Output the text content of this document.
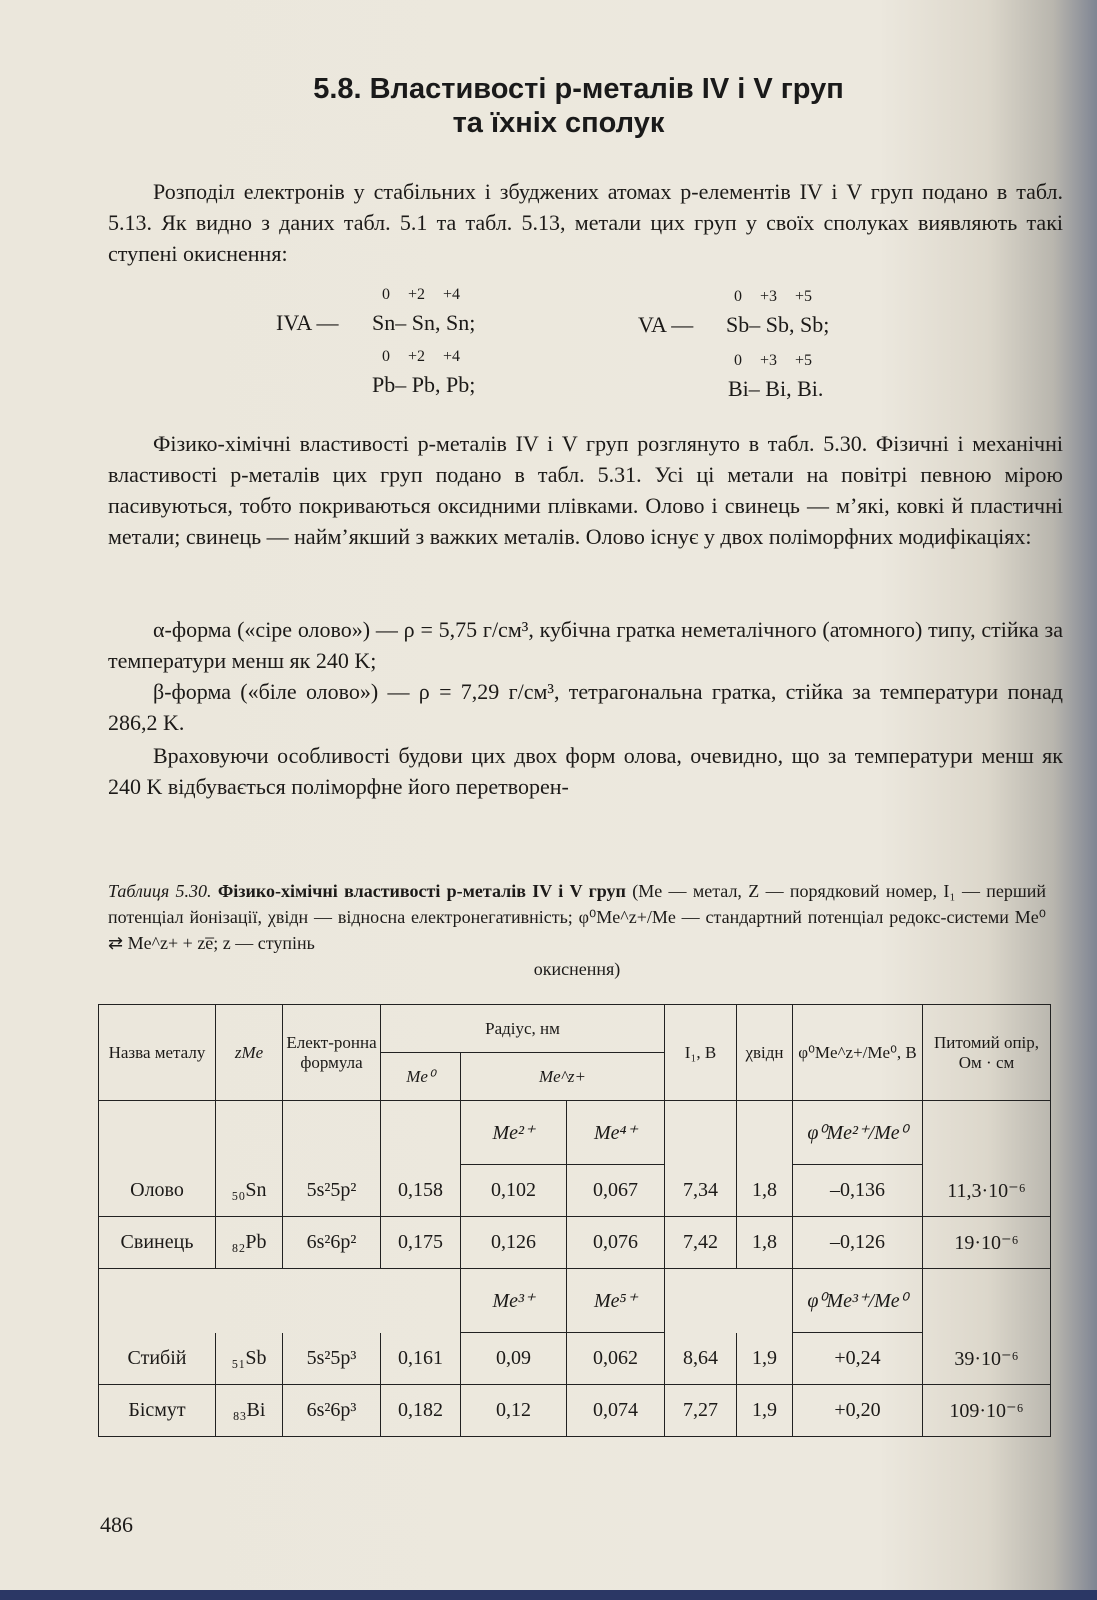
5.8. Властивості p-металів IV і V груп
та їхніх сполук

Розподіл електронів у стабільних і збуджених атомах p-елементів IV і V груп подано в табл. 5.13. Як видно з даних табл. 5.1 та табл. 5.13, метали цих груп у своїх сполуках виявляють такі ступені окиснення:

IVA —
0 +2 +4
Sn– Sn, Sn;
0 +2 +4
Pb– Pb, Pb;
VA —
0 +3 +5
Sb– Sb, Sb;
0 +3 +5
Bi– Bi, Bi.

Фізико-хімічні властивості p-металів IV і V груп розглянуто в табл. 5.30. Фізичні і механічні властивості p-металів цих груп подано в табл. 5.31. Усі ці метали на повітрі певною мірою пасивуються, тобто покриваються оксидними плівками. Олово і свинець — м’які, ковкі й пластичні метали; свинець — найм’якший з важких металів. Олово існує у двох поліморфних модифікаціях:

α-форма («сіре олово») — ρ = 5,75 г/см³, кубічна гратка неметалічного (атомного) типу, стійка за температури менш як 240 K;

β-форма («біле олово») — ρ = 7,29 г/см³, тетрагональна гратка, стійка за температури понад 286,2 K.

Враховуючи особливості будови цих двох форм олова, очевидно, що за температури менш як 240 K відбувається поліморфне його перетворен-

Таблиця 5.30. Фізико-хімічні властивості p-металів IV і V груп (Me — метал, Z — порядковий номер, I₁ — перший потенціал йонізації, χвідн — відносна електронегативність; φ⁰Me^z+/Me — стандартний потенціал редокс-системи Me⁰ ⇄ Me^z+ + ze̅; z — ступінь
окиснення)

Назва металу	zMe	Елект-ронна формула	Радіус, нм			I₁, В	χвідн	φ⁰Me^z+/Me⁰, В	Питомий опір, Ом · см
			Me⁰	Me^z+					
				Me²⁺	Me⁴⁺			φ⁰Me²⁺/Me⁰	
Олово	₅₀Sn	5s²5p²	0,158	0,102	0,067	7,34	1,8	–0,136	11,3·10⁻⁶
Свинець	₈₂Pb	6s²6p²	0,175	0,126	0,076	7,42	1,8	–0,126	19·10⁻⁶
				Me³⁺	Me⁵⁺			φ⁰Me³⁺/Me⁰	
Стибій	₅₁Sb	5s²5p³	0,161	0,09	0,062	8,64	1,9	+0,24	39·10⁻⁶
Бісмут	₈₃Bi	6s²6p³	0,182	0,12	0,074	7,27	1,9	+0,20	109·10⁻⁶
486
